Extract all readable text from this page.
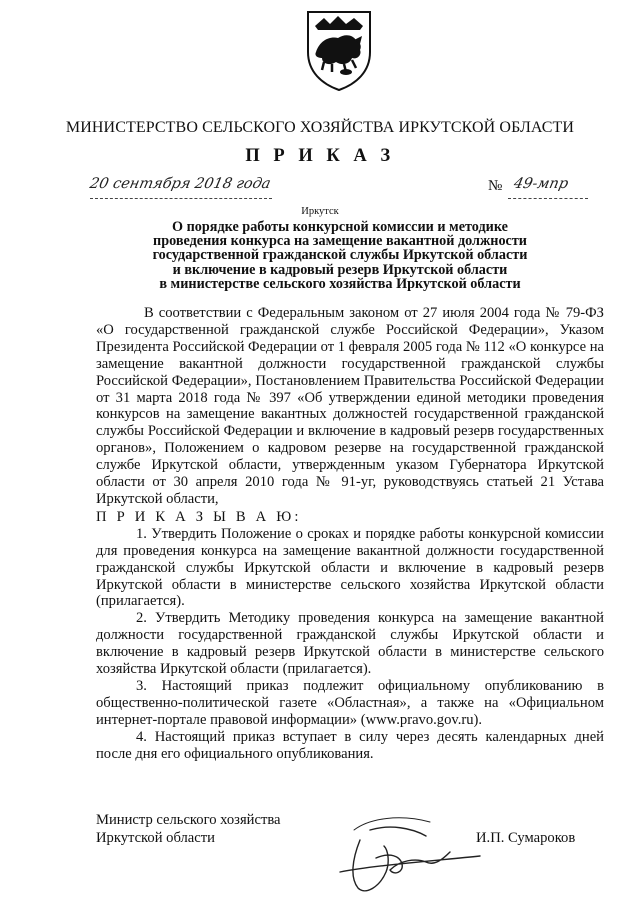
МИНИСТЕРСТВО СЕЛЬСКОГО ХОЗЯЙСТВА ИРКУТСКОЙ ОБЛАСТИ
П Р И К А З
20 сентября 2018 года	№ 49-мпр
Иркутск
О порядке работы конкурсной комиссии и методике
проведения конкурса на замещение вакантной должности
государственной гражданской службы Иркутской области
и включение в кадровый резерв Иркутской области
в министерстве сельского хозяйства Иркутской области

В соответствии с Федеральным законом от 27 июля 2004 года № 79-ФЗ «О государственной гражданской службе Российской Федерации», Указом Президента Российской Федерации от 1 февраля 2005 года № 112 «О конкурсе на замещение вакантной должности государственной гражданской службы Российской Федерации», Постановлением Правительства Российской Федерации от 31 марта 2018 года № 397 «Об утверждении единой методики проведения конкурсов на замещение вакантных должностей государственной гражданской службы Российской Федерации и включение в кадровый резерв государственных органов», Положением о кадровом резерве на государственной гражданской службе Иркутской области, утвержденным указом Губернатора Иркутской области от 30 апреля 2010 года № 91-уг, руководствуясь статьей 21 Устава Иркутской области,

П Р И К А З Ы В А Ю:

1. Утвердить Положение о сроках и порядке работы конкурсной комиссии для проведения конкурса на замещение вакантной должности государственной гражданской службы Иркутской области и включение в кадровый резерв Иркутской области в министерстве сельского хозяйства Иркутской области (прилагается).

2. Утвердить Методику проведения конкурса на замещение вакантной должности государственной гражданской службы Иркутской области и включение в кадровый резерв Иркутской области в министерстве сельского хозяйства Иркутской области (прилагается).

3. Настоящий приказ подлежит официальному опубликованию в общественно-политической газете «Областная», а также на «Официальном интернет-портале правовой информации» (www.pravo.gov.ru).

4. Настоящий приказ вступает в силу через десять календарных дней после дня его официального опубликования.

Министр сельского хозяйства
Иркутской области	И.П. Сумароков
